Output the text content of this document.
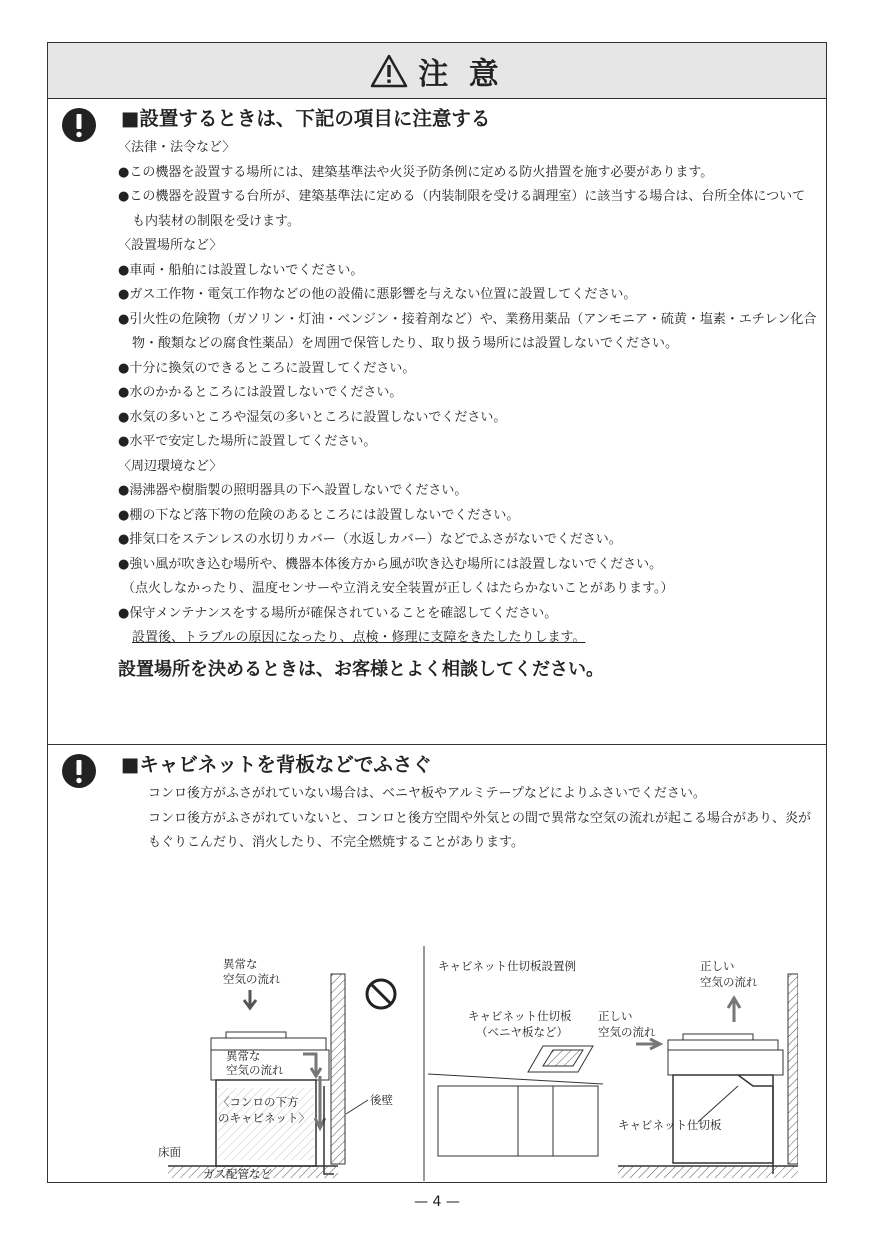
注 意
■設置するときは、下記の項目に注意する

〈法律・法令など〉

●この機器を設置する場所には、建築基準法や火災予防条例に定める防火措置を施す必要があります。

●この機器を設置する台所が、建築基準法に定める（内装制限を受ける調理室）に該当する場合は、台所全体についても内装材の制限を受けます。

〈設置場所など〉

●車両・船舶には設置しないでください。

●ガス工作物・電気工作物などの他の設備に悪影響を与えない位置に設置してください。

●引火性の危険物（ガソリン・灯油・ベンジン・接着剤など）や、業務用薬品（アンモニア・硫黄・塩素・エチレン化合物・酸類などの腐食性薬品）を周囲で保管したり、取り扱う場所には設置しないでください。

●十分に換気のできるところに設置してください。

●水のかかるところには設置しないでください。

●水気の多いところや湿気の多いところに設置しないでください。

●水平で安定した場所に設置してください。

〈周辺環境など〉

●湯沸器や樹脂製の照明器具の下へ設置しないでください。

●棚の下など落下物の危険のあるところには設置しないでください。

●排気口をステンレスの水切りカバー（水返しカバー）などでふさがないでください。

●強い風が吹き込む場所や、機器本体後方から風が吹き込む場所には設置しないでください。

（点火しなかったり、温度センサーや立消え安全装置が正しくはたらかないことがあります。）

●保守メンテナンスをする場所が確保されていることを確認してください。

設置後、トラブルの原因になったり、点検・修理に支障をきたしたりします。

設置場所を決めるときは、お客様とよく相談してください。
■キャビネットを背板などでふさぐ

コンロ後方がふさがれていない場合は、ベニヤ板やアルミテープなどによりふさいでください。

コンロ後方がふさがれていないと、コンロと後方空間や外気との間で異常な空気の流れが起こる場合があり、炎がもぐりこんだり、消火したり、不完全燃焼することがあります。

異常な
空気の流れ
異常な
空気の流れ
〈コンロの下方
のキャビネット〉
後壁
床面
ガス配管など
キャビネット仕切板設置例	正しい
空気の流れ
キャビネット仕切板
（ベニヤ板など）
正しい
空気の流れ
キャビネット仕切板
— 4 —
